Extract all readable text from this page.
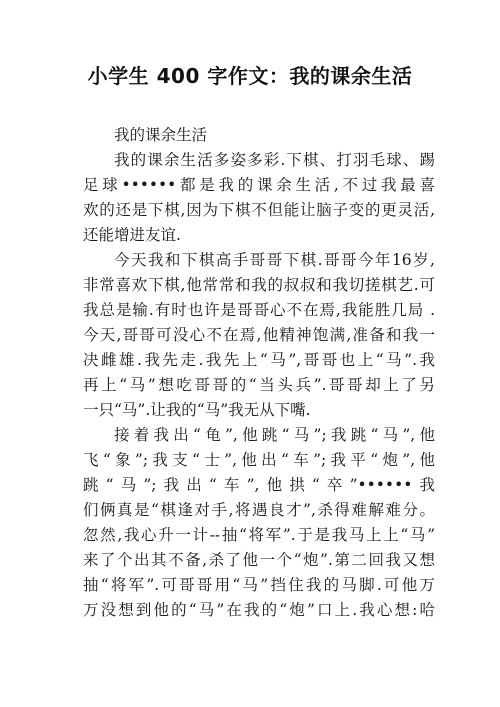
小学生 400 字作文：我的课余生活
我的课余生活
我的课余生活多姿多彩.下棋、打羽毛球、踢
足球••••••都是我的课余生活,不过我最喜
欢的还是下棋,因为下棋不但能让脑子变的更灵活,
还能增进友谊.
今天我和下棋高手哥哥下棋.哥哥今年16岁,
非常喜欢下棋,他常常和我的叔叔和我切搓棋艺.可
我总是输.有时也许是哥哥心不在焉,我能胜几局 .
今天,哥哥可没心不在焉,他精神饱满,准备和我一
决雌雄.我先走.我先上“马”,哥哥也上“马”.我
再上“马”想吃哥哥的“当头兵”.哥哥却上了另
一只“马”.让我的“马”我无从下嘴.
接着我出“龟”,他跳“马”;我跳“马”,他
飞“象”;我支“士”,他出“车”;我平“炮”,他
跳“马”;我出“车”,他拱“卒”••••••我
们俩真是“棋逢对手,将遇良才”,杀得难解难分。
忽然,我心升一计--抽“将军”.于是我马上上“马”
来了个出其不备,杀了他一个“炮”.第二回我又想
抽“将军”.可哥哥用“马”挡住我的马脚.可他万
万没想到他的“马”在我的“炮”口上.我心想:哈
